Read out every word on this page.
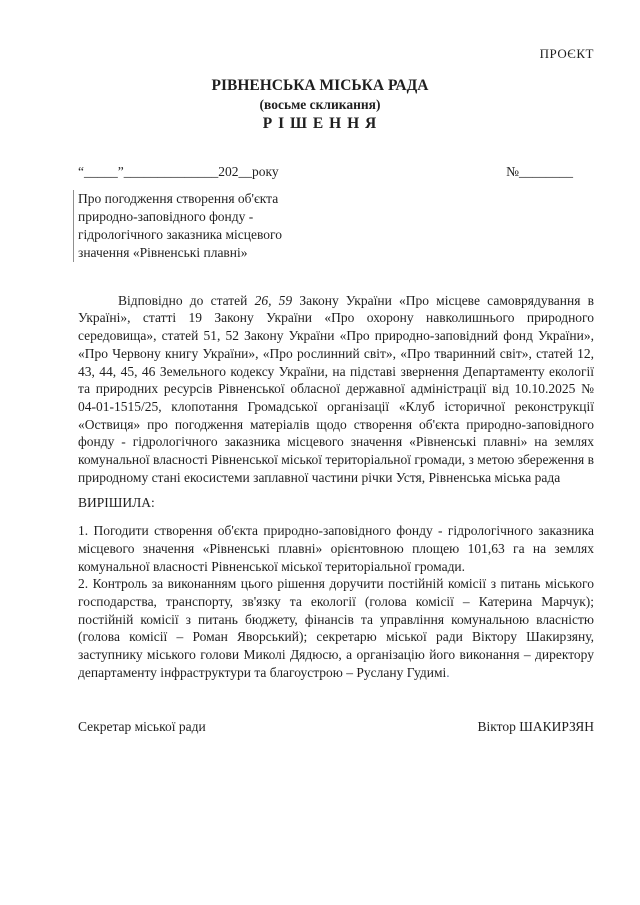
ПРОЄКТ
РІВНЕНСЬКА МІСЬКА РАДА
(восьме скликання)
Р І Ш Е Н Н Я
“_____”______________202__року	№________
Про погодження створення об'єкта
природно-заповідного фонду -
гідрологічного заказника місцевого
значення «Рівненські плавні»

Відповідно до статей 26, 59 Закону України «Про місцеве самоврядування в Україні», статті 19 Закону України «Про охорону навколишнього природного середовища», статей 51, 52 Закону України «Про природно-заповідний фонд України», «Про Червону книгу України», «Про рослинний світ», «Про тваринний світ», статей 12, 43, 44, 45, 46 Земельного кодексу України, на підставі звернення Департаменту екології та природних ресурсів Рівненської обласної державної адміністрації від 10.10.2025 № 04-01-1515/25, клопотання Громадської організації «Клуб історичної реконструкції «Оствиця» про погодження матеріалів щодо створення об'єкта природно-заповідного фонду - гідрологічного заказника місцевого значення «Рівненські плавні» на землях комунальної власності Рівненської міської територіальної громади, з метою збереження в природному стані екосистеми заплавної частини річки Устя, Рівненська міська рада

ВИРІШИЛА:

1. Погодити створення об'єкта природно-заповідного фонду - гідрологічного заказника місцевого значення «Рівненські плавні» орієнтовною площею 101,63 га на землях комунальної власності Рівненської міської територіальної громади.

2. Контроль за виконанням цього рішення доручити постійній комісії з питань міського господарства, транспорту, зв'язку та екології (голова комісії – Катерина Марчук); постійній комісії з питань бюджету, фінансів та управління комунальною власністю (голова комісії – Роман Яворський); секретарю міської ради Віктору Шакирзяну, заступнику міського голови Миколі Дядюсю, а організацію його виконання – директору департаменту інфраструктури та благоустрою – Руслану Гудимі.

Секретар міської ради	Віктор ШАКИРЗЯН
